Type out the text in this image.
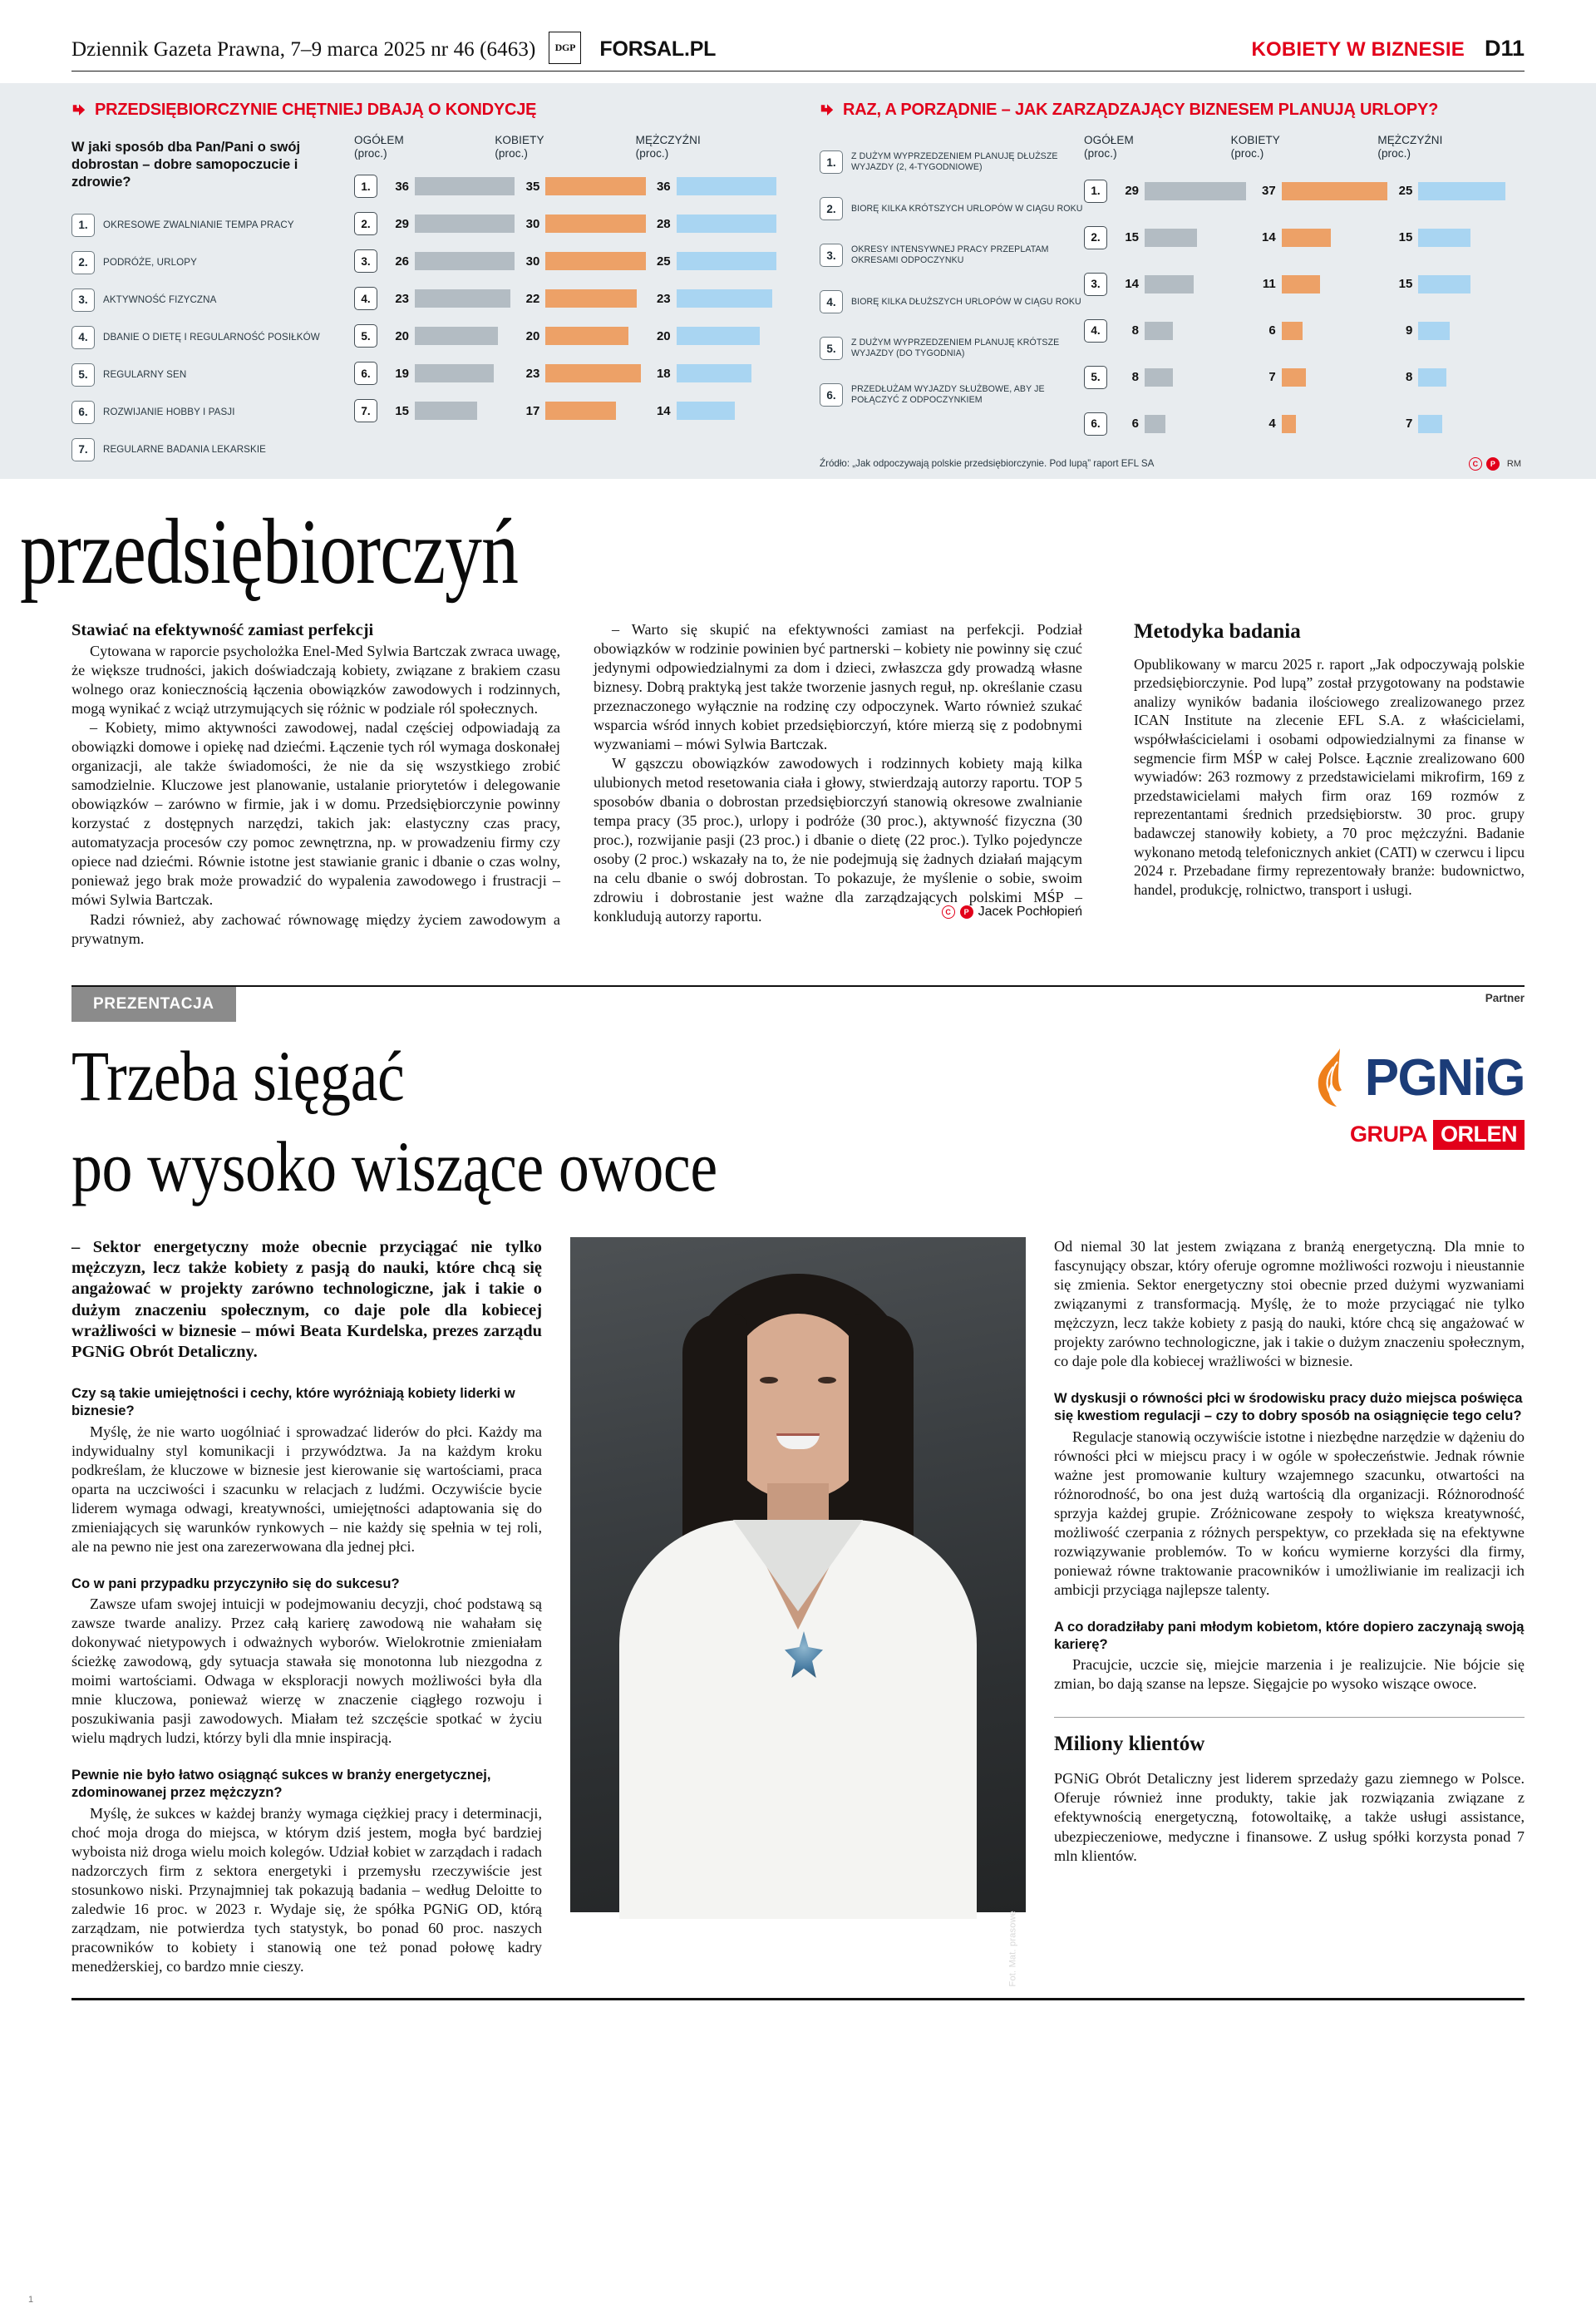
Dziennik Gazeta Prawna, 7–9 marca 2025 nr 46 (6463)	DGP FORSAL.PL	KOBIETY W BIZNESIE D11
PRZEDSIĘBIORCZYNIE CHĘTNIEJ DBAJĄ O KONDYCJĘ
W jaki sposób dba Pan/Pani o swój dobrostan – dobre samopoczucie i zdrowie?
1.	OKRESOWE ZWALNIANIE TEMPA PRACY
2.	PODRÓŻE, URLOPY
3.	AKTYWNOŚĆ FIZYCZNA
4.	DBANIE O DIETĘ I REGULARNOŚĆ POSIŁKÓW
5.	REGULARNY SEN
6.	ROZWIJANIE HOBBY I PASJI
7.	REGULARNE BADANIA LEKARSKIE
OGÓŁEM
(proc.)
KOBIETY
(proc.)
MĘŻCZYŹNI
(proc.)
1.	36	35	36
2.	29	30	28
3.	26	30	25
4.	23	22	23
5.	20	20	20
6.	19	23	18
7.	15	17	14
RAZ, A PORZĄDNIE – JAK ZARZĄDZAJĄCY BIZNESEM PLANUJĄ URLOPY?
1.	Z DUŻYM WYPRZEDZENIEM PLANUJĘ DŁUŻSZE WYJAZDY (2, 4-TYGODNIOWE)
2.	BIORĘ KILKA KRÓTSZYCH URLOPÓW W CIĄGU ROKU
3.	OKRESY INTENSYWNEJ PRACY PRZEPLATAM OKRESAMI ODPOCZYNKU
4.	BIORĘ KILKA DŁUŻSZYCH URLOPÓW W CIĄGU ROKU
5.	Z DUŻYM WYPRZEDZENIEM PLANUJĘ KRÓTSZE WYJAZDY (DO TYGODNIA)
6.	PRZEDŁUŻAM WYJAZDY SŁUŻBOWE, ABY JE POŁĄCZYĆ Z ODPOCZYNKIEM
OGÓŁEM
(proc.)
KOBIETY
(proc.)
MĘŻCZYŹNI
(proc.)
1.	29	37	25
2.	15	14	15
3.	14	11	15
4.	8	6	9
5.	8	7	8
6.	6	4	7
Źródło: „Jak odpoczywają polskie przedsiębiorczynie. Pod lupą” raport EFL SA	C	P	RM
przedsiębiorczyń
Stawiać na efektywność zamiast perfekcji

Cytowana w raporcie psycholożka Enel-Med Sylwia Bartczak zwraca uwagę, że większe trudności, jakich doświadczają kobiety, związane z brakiem czasu wolnego oraz koniecznością łączenia obowiązków zawodowych i rodzinnych, mogą wynikać z wciąż utrzymujących się różnic w podziale ról społecznych.

– Kobiety, mimo aktywności zawodowej, nadal częściej odpowiadają za obowiązki domowe i opiekę nad dziećmi. Łączenie tych ról wymaga doskonałej organizacji, ale także świadomości, że nie da się wszystkiego zrobić samodzielnie. Kluczowe jest planowanie, ustalanie priorytetów i delegowanie obowiązków – zarówno w firmie, jak i w domu. Przedsiębiorczynie powinny korzystać z dostępnych narzędzi, takich jak: elastyczny czas pracy, automatyzacja procesów czy pomoc zewnętrzna, np. w prowadzeniu firmy czy opiece nad dziećmi. Równie istotne jest stawianie granic i dbanie o czas wolny, ponieważ jego brak może prowadzić do wypalenia zawodowego i frustracji – mówi Sylwia Bartczak.

Radzi również, aby zachować równowagę między życiem zawodowym a prywatnym.

– Warto się skupić na efektywności zamiast na perfekcji. Podział obowiązków w rodzinie powinien być partnerski – kobiety nie powinny się czuć jedynymi odpowiedzialnymi za dom i dzieci, zwłaszcza gdy prowadzą własne biznesy. Dobrą praktyką jest także tworzenie jasnych reguł, np. określanie czasu przeznaczonego wyłącznie na rodzinę czy odpoczynek. Warto również szukać wsparcia wśród innych kobiet przedsiębiorczyń, które mierzą się z podobnymi wyzwaniami – mówi Sylwia Bartczak.

W gąszczu obowiązków zawodowych i rodzinnych kobiety mają kilka ulubionych metod resetowania ciała i głowy, stwierdzają autorzy raportu. TOP 5 sposobów dbania o dobrostan przedsiębiorczyń stanowią okresowe zwalnianie tempa pracy (35 proc.), urlopy i podróże (30 proc.), aktywność fizyczna (30 proc.), rozwijanie pasji (23 proc.) i dbanie o dietę (22 proc.). Tylko pojedyncze osoby (2 proc.) wskazały na to, że nie podejmują się żadnych działań mającym na celu dbanie o swój dobrostan. To pokazuje, że myślenie o sobie, swoim zdrowiu i dobrostanie jest ważne dla zarządzających polskimi MŚP – konkludują autorzy raportu.	C	P Jacek Pochłopień
Metodyka badania

Opublikowany w marcu 2025 r. raport „Jak odpoczywają polskie przedsiębiorczynie. Pod lupą” został przygotowany na podstawie analizy wyników badania ilościowego zrealizowanego przez ICAN Institute na zlecenie EFL S.A. z właścicielami, współwłaścicielami i osobami odpowiedzialnymi za finanse w segmencie firm MŚP w całej Polsce. Łącznie zrealizowano 600 wywiadów: 263 rozmowy z przedstawicielami mikrofirm, 169 z przedstawicielami małych firm oraz 169 rozmów z reprezentantami średnich przedsiębiorstw. 30 proc. grupy badawczej stanowiły kobiety, a 70 proc mężczyźni. Badanie wykonano metodą telefonicznych ankiet (CATI) w czerwcu i lipcu 2024 r. Przebadane firmy reprezentowały branże: budownictwo, handel, produkcję, rolnictwo, transport i usługi.

PREZENTACJA	Partner
PGNiG
GRUPA ORLEN
Trzeba sięgać
po wysoko wiszące owoce

– Sektor energetyczny może obecnie przyciągać nie tylko mężczyzn, lecz także kobiety z pasją do nauki, które chcą się angażować w projekty zarówno technologiczne, jak i takie o dużym znaczeniu społecznym, co daje pole dla kobiecej wrażliwości w biznesie – mówi Beata Kurdelska, prezes zarządu PGNiG Obrót Detaliczny.

Czy są takie umiejętności i cechy, które wyróżniają kobiety liderki w biznesie?

Myślę, że nie warto uogólniać i sprowadzać liderów do płci. Każdy ma indywidualny styl komunikacji i przywództwa. Ja na każdym kroku podkreślam, że kluczowe w biznesie jest kierowanie się wartościami, praca oparta na uczciwości i szacunku w relacjach z ludźmi. Oczywiście bycie liderem wymaga odwagi, kreatywności, umiejętności adaptowania się do zmieniających się warunków rynkowych – nie każdy się spełnia w tej roli, ale na pewno nie jest ona zarezerwowana dla jednej płci.

Co w pani przypadku przyczyniło się do sukcesu?

Zawsze ufam swojej intuicji w podejmowaniu decyzji, choć podstawą są zawsze twarde analizy. Przez całą karierę zawodową nie wahałam się dokonywać nietypowych i odważnych wyborów. Wielokrotnie zmieniałam ścieżkę zawodową, gdy sytuacja stawała się monotonna lub niezgodna z moimi wartościami. Odwaga w eksploracji nowych możliwości była dla mnie kluczowa, ponieważ wierzę w znaczenie ciągłego rozwoju i poszukiwania pasji zawodowych. Miałam też szczęście spotkać w życiu wielu mądrych ludzi, którzy byli dla mnie inspiracją.

Pewnie nie było łatwo osiągnąć sukces w branży energetycznej, zdominowanej przez mężczyzn?

Myślę, że sukces w każdej branży wymaga ciężkiej pracy i determinacji, choć moja droga do miejsca, w którym dziś jestem, mogła być bardziej wyboista niż droga wielu moich kolegów. Udział kobiet w zarządach i radach nadzorczych firm z sektora energetyki i przemysłu rzeczywiście jest stosunkowo niski. Przynajmniej tak pokazują badania – według Deloitte to zaledwie 16 proc. w 2023 r. Wydaje się, że spółka PGNiG OD, którą zarządzam, nie potwierdza tych statystyk, bo ponad 60 proc. naszych pracowników to kobiety i stanowią one też ponad połowę kadry menedżerskiej, co bardzo mnie cieszy.	Fot. Mat. prasowe

Od niemal 30 lat jestem związana z branżą energetyczną. Dla mnie to fascynujący obszar, który oferuje ogromne możliwości rozwoju i nieustannie się zmienia. Sektor energetyczny stoi obecnie przed dużymi wyzwaniami związanymi z transformacją. Myślę, że to może przyciągać nie tylko mężczyzn, lecz także kobiety z pasją do nauki, które chcą się angażować w projekty zarówno technologiczne, jak i takie o dużym znaczeniu społecznym, co daje pole dla kobiecej wrażliwości w biznesie.

W dyskusji o równości płci w środowisku pracy dużo miejsca poświęca się kwestiom regulacji – czy to dobry sposób na osiągnięcie tego celu?

Regulacje stanowią oczywiście istotne i niezbędne narzędzie w dążeniu do równości płci w miejscu pracy i w ogóle w społeczeństwie. Jednak równie ważne jest promowanie kultury wzajemnego szacunku, otwartości na różnorodność, bo ona jest dużą wartością dla organizacji. Różnorodność sprzyja każdej grupie. Zróżnicowane zespoły to większa kreatywność, możliwość czerpania z różnych perspektyw, co przekłada się na efektywne rozwiązywanie problemów. To w końcu wymierne korzyści dla firmy, ponieważ równe traktowanie pracowników i umożliwianie im realizacji ich ambicji przyciąga najlepsze talenty.

A co doradziłaby pani młodym kobietom, które dopiero zaczynają swoją karierę?

Pracujcie, uczcie się, miejcie marzenia i je realizujcie. Nie bójcie się zmian, bo dają szanse na lepsze. Sięgajcie po wysoko wiszące owoce.

Miliony klientów

PGNiG Obrót Detaliczny jest liderem sprzedaży gazu ziemnego w Polsce. Oferuje również inne produkty, takie jak rozwiązania związane z efektywnością energetyczną, fotowoltaikę, a także usługi assistance, ubezpieczeniowe, medyczne i finansowe. Z usług spółki korzysta ponad 7 mln klientów.

1
